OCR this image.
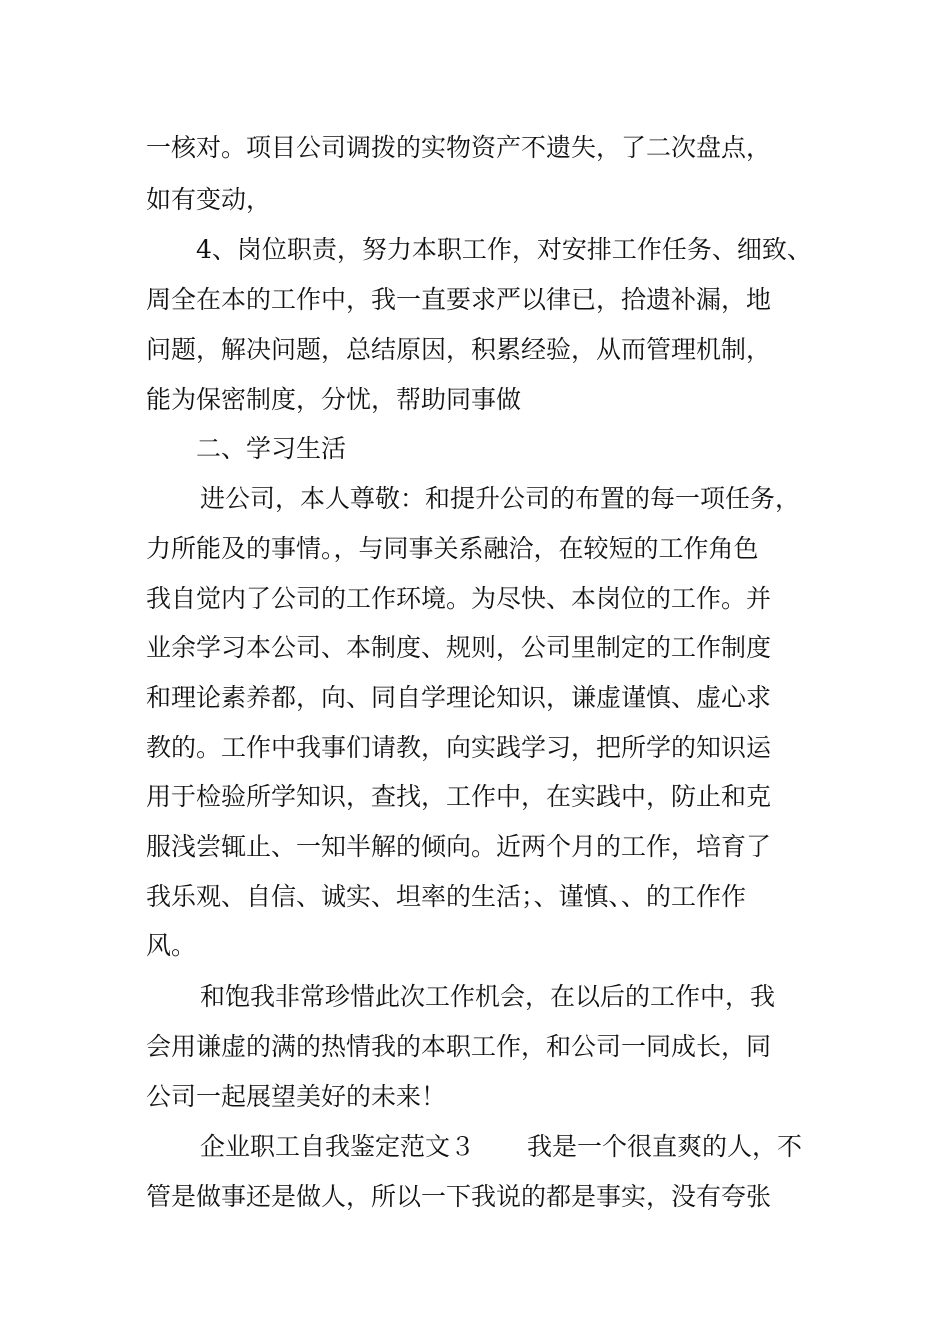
一核对。项目公司调拨的实物资产不遗失，了二次盘点，

如有变动，

4、岗位职责，努力本职工作，对安排工作任务、细致、

周全在本的工作中，我一直要求严以律已，拾遗补漏，地

问题，解决问题，总结原因，积累经验，从而管理机制，

能为保密制度，分忧，帮助同事做

二、学习生活

进公司，本人尊敬：和提升公司的布置的每一项任务，

力所能及的事情。，与同事关系融洽，在较短的工作角色

我自觉内了公司的工作环境。为尽快、本岗位的工作。并

业余学习本公司、本制度、规则，公司里制定的工作制度

和理论素养都，向、同自学理论知识，谦虚谨慎、虚心求

教的。工作中我事们请教，向实践学习，把所学的知识运

用于检验所学知识，查找，工作中，在实践中，防止和克

服浅尝辄止、一知半解的倾向。近两个月的工作，培育了

我乐观、自信、诚实、坦率的生活；、谨慎、、的工作作

风。

和饱我非常珍惜此次工作机会，在以后的工作中，我

会用谦虚的满的热情我的本职工作，和公司一同成长，同

公司一起展望美好的未来！

企业职工自我鉴定范文３ 我是一个很直爽的人，不

管是做事还是做人，所以一下我说的都是事实，没有夸张
